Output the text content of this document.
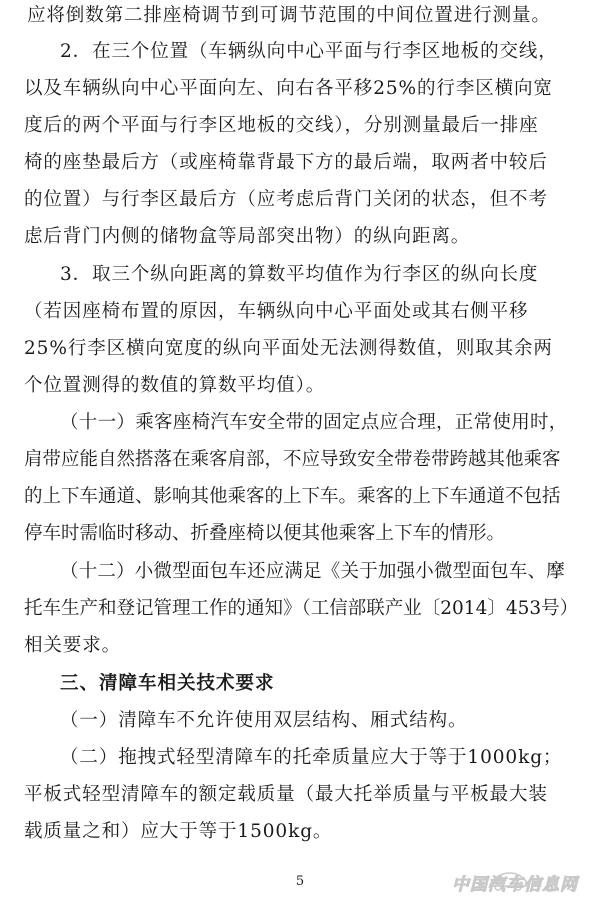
应将倒数第二排座椅调节到可调节范围的中间位置进行测量。
2．在三个位置（车辆纵向中心平面与行李区地板的交线，
以及车辆纵向中心平面向左、向右各平移25%的行李区横向宽
度后的两个平面与行李区地板的交线），分别测量最后一排座
椅的座垫最后方（或座椅靠背最下方的最后端，取两者中较后
的位置）与行李区最后方（应考虑后背门关闭的状态，但不考
虑后背门内侧的储物盒等局部突出物）的纵向距离。
3．取三个纵向距离的算数平均值作为行李区的纵向长度
（若因座椅布置的原因，车辆纵向中心平面处或其右侧平移
25%行李区横向宽度的纵向平面处无法测得数值，则取其余两
个位置测得的数值的算数平均值）。
（十一）乘客座椅汽车安全带的固定点应合理，正常使用时，
肩带应能自然搭落在乘客肩部，不应导致安全带卷带跨越其他乘客
的上下车通道、影响其他乘客的上下车。乘客的上下车通道不包括
停车时需临时移动、折叠座椅以便其他乘客上下车的情形。
（十二）小微型面包车还应满足《关于加强小微型面包车、摩
托车生产和登记管理工作的通知》（工信部联产业〔2014〕453号）
相关要求。
三、清障车相关技术要求
（一）清障车不允许使用双层结构、厢式结构。
（二）拖拽式轻型清障车的托牵质量应大于等于1000kg；
平板式轻型清障车的额定载质量（最大托举质量与平板最大装
载质量之和）应大于等于1500kg。
5	中国汽车信息网
